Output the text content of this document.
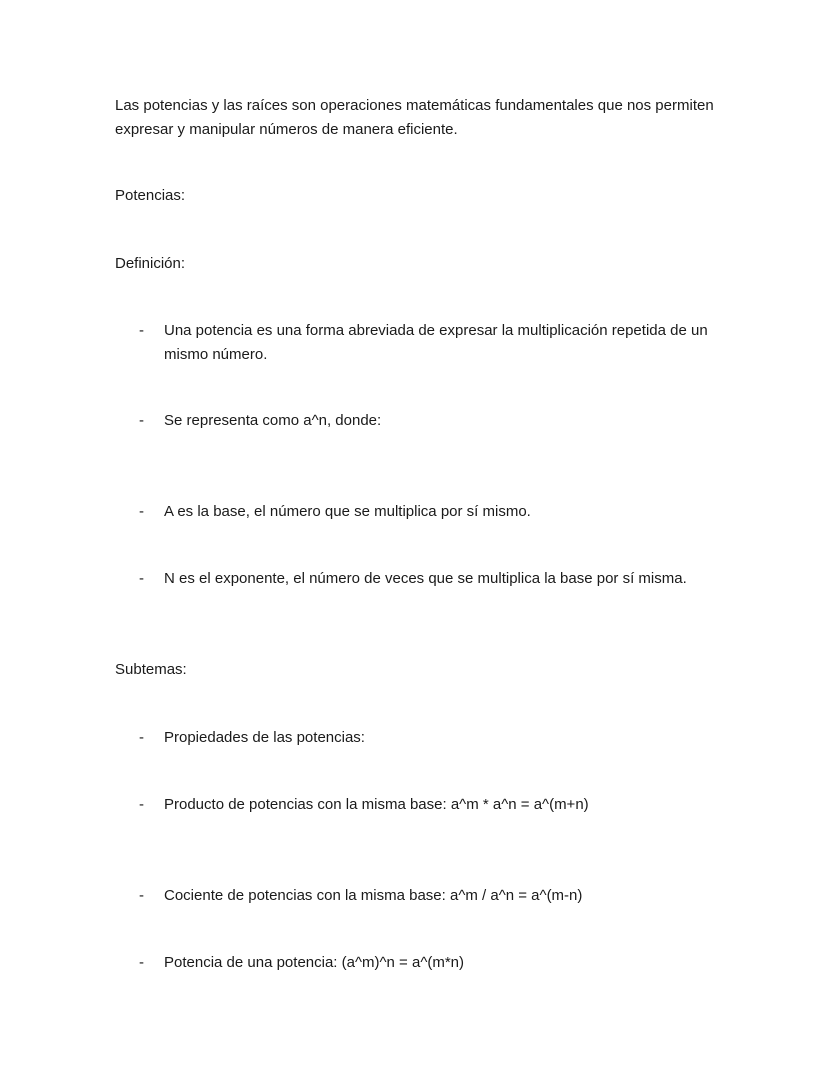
Las potencias y las raíces son operaciones matemáticas fundamentales que nos permiten expresar y manipular números de manera eficiente.

Potencias:

Definición:

- Una potencia es una forma abreviada de expresar la multiplicación repetida de un mismo número.
- Se representa como a^n, donde:
- A es la base, el número que se multiplica por sí mismo.
- N es el exponente, el número de veces que se multiplica la base por sí misma.

Subtemas:

- Propiedades de las potencias:
- Producto de potencias con la misma base: a^m * a^n = a^(m+n)
- Cociente de potencias con la misma base: a^m / a^n = a^(m-n)
- Potencia de una potencia: (a^m)^n = a^(m*n)
